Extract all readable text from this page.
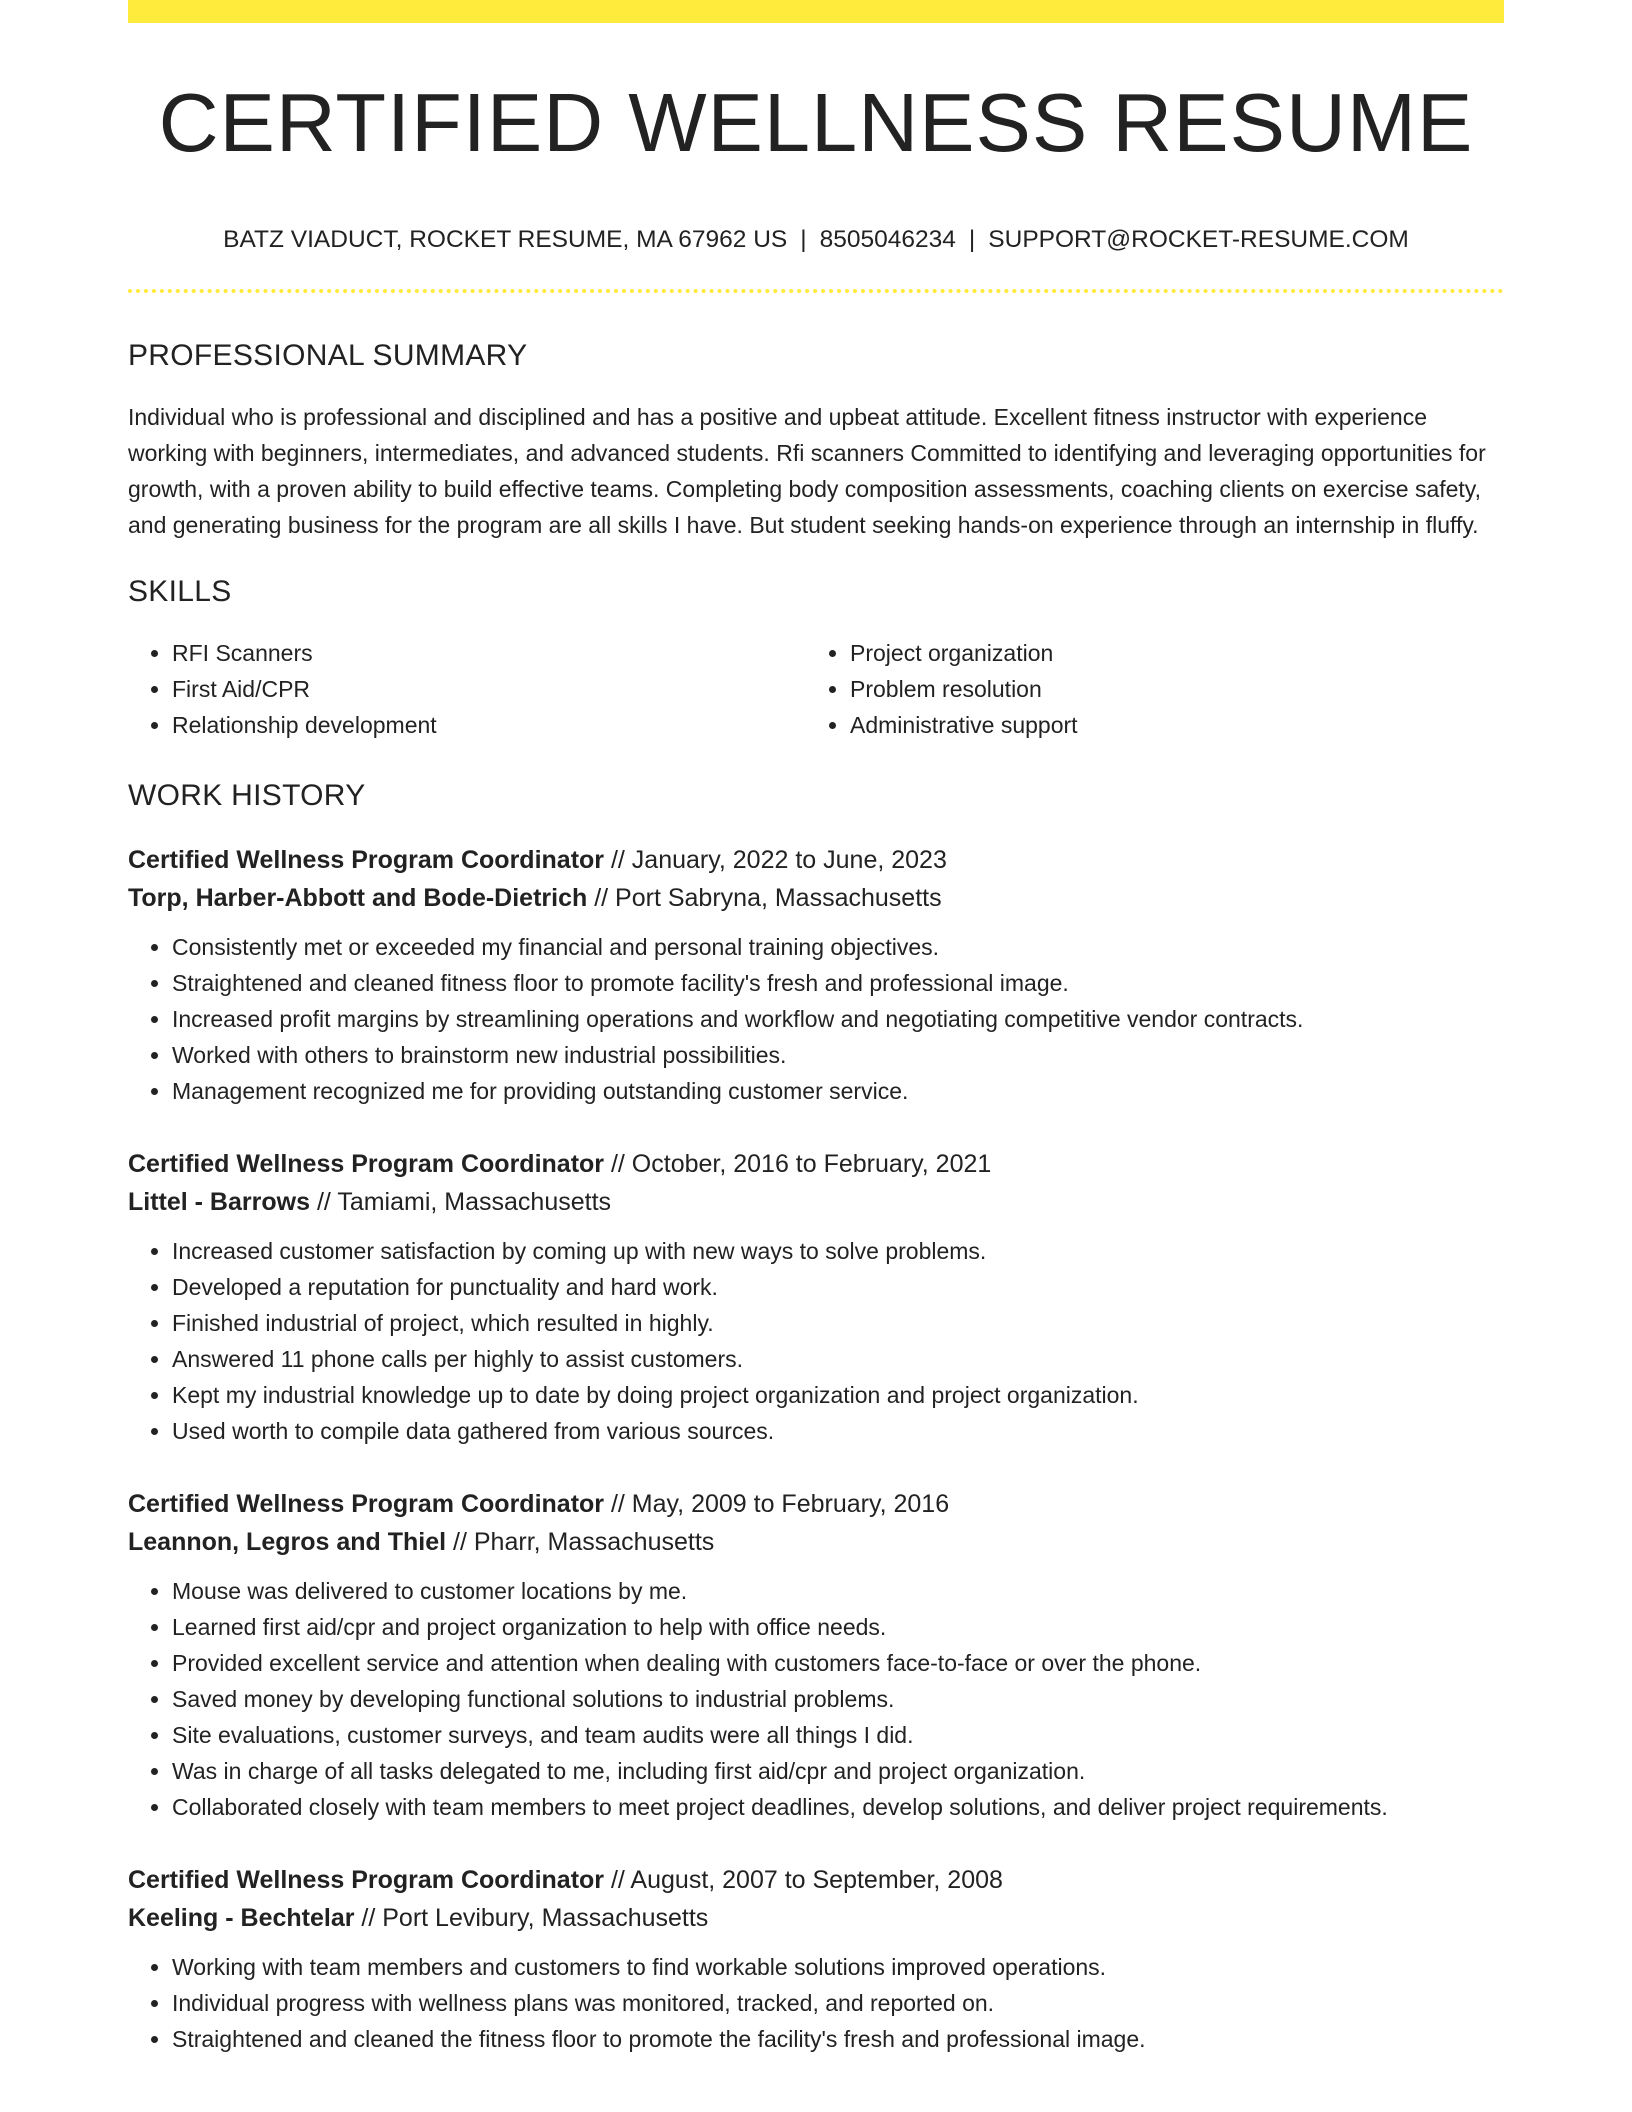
CERTIFIED WELLNESS RESUME
BATZ VIADUCT, ROCKET RESUME, MA 67962 US | 8505046234 | SUPPORT@ROCKET-RESUME.COM
PROFESSIONAL SUMMARY

Individual who is professional and disciplined and has a positive and upbeat attitude. Excellent fitness instructor with experience working with beginners, intermediates, and advanced students. Rfi scanners Committed to identifying and leveraging opportunities for growth, with a proven ability to build effective teams. Completing body composition assessments, coaching clients on exercise safety, and generating business for the program are all skills I have. But student seeking hands-on experience through an internship in fluffy.

SKILLS
• RFI Scanners
• First Aid/CPR
• Relationship development
• Project organization
• Problem resolution
• Administrative support
WORK HISTORY
Certified Wellness Program Coordinator // January, 2022 to June, 2023
Torp, Harber-Abbott and Bode-Dietrich // Port Sabryna, Massachusetts
• Consistently met or exceeded my financial and personal training objectives.
• Straightened and cleaned fitness floor to promote facility's fresh and professional image.
• Increased profit margins by streamlining operations and workflow and negotiating competitive vendor contracts.
• Worked with others to brainstorm new industrial possibilities.
• Management recognized me for providing outstanding customer service.
Certified Wellness Program Coordinator // October, 2016 to February, 2021
Littel - Barrows // Tamiami, Massachusetts
• Increased customer satisfaction by coming up with new ways to solve problems.
• Developed a reputation for punctuality and hard work.
• Finished industrial of project, which resulted in highly.
• Answered 11 phone calls per highly to assist customers.
• Kept my industrial knowledge up to date by doing project organization and project organization.
• Used worth to compile data gathered from various sources.
Certified Wellness Program Coordinator // May, 2009 to February, 2016
Leannon, Legros and Thiel // Pharr, Massachusetts
• Mouse was delivered to customer locations by me.
• Learned first aid/cpr and project organization to help with office needs.
• Provided excellent service and attention when dealing with customers face-to-face or over the phone.
• Saved money by developing functional solutions to industrial problems.
• Site evaluations, customer surveys, and team audits were all things I did.
• Was in charge of all tasks delegated to me, including first aid/cpr and project organization.
• Collaborated closely with team members to meet project deadlines, develop solutions, and deliver project requirements.
Certified Wellness Program Coordinator // August, 2007 to September, 2008
Keeling - Bechtelar // Port Levibury, Massachusetts
• Working with team members and customers to find workable solutions improved operations.
• Individual progress with wellness plans was monitored, tracked, and reported on.
• Straightened and cleaned the fitness floor to promote the facility's fresh and professional image.
